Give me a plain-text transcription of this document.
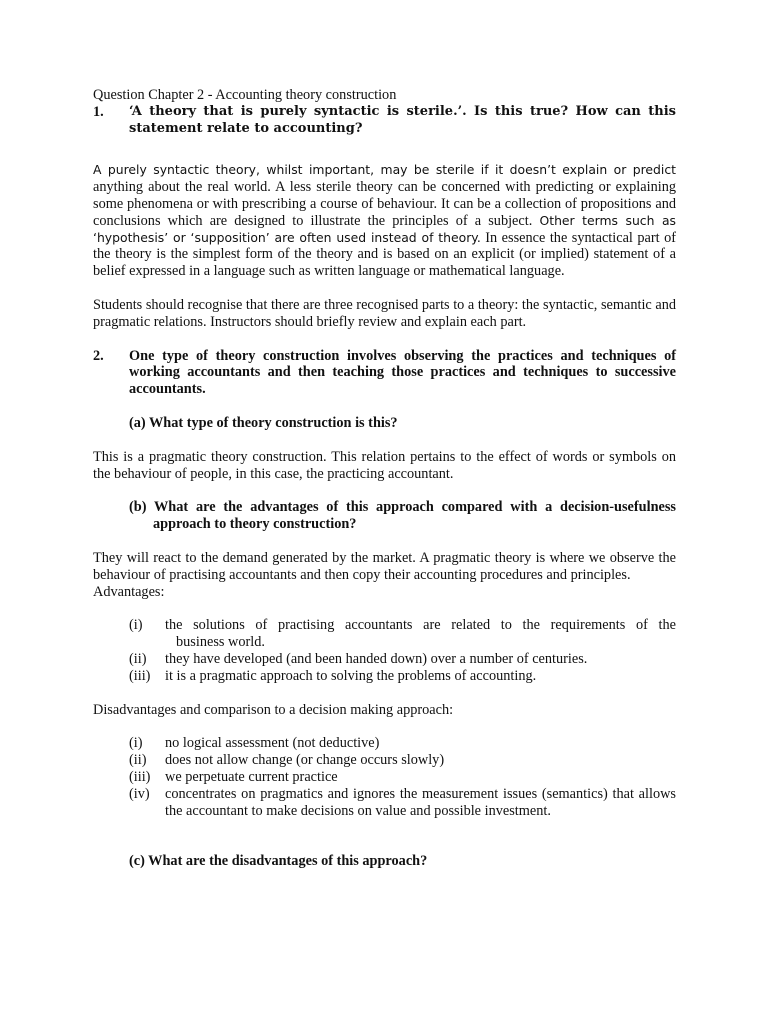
Question Chapter 2 - Accounting theory construction

1.	‘A theory that is purely syntactic is sterile.’. Is this true? How can this statement relate to accounting?

A purely syntactic theory, whilst important, may be sterile if it doesn’t explain or predict
anything about the real world. A less sterile theory can be concerned with predicting or explaining some phenomena or with prescribing a course of behaviour. It can be a collection of propositions and conclusions which are designed to illustrate the principles of a subject. Other terms such as ‘hypothesis’ or ‘supposition’ are often used instead of theory. In essence the syntactical part of the theory is the simplest form of the theory and is based on an explicit (or implied) statement of a belief expressed in a language such as written language or mathematical language.

Students should recognise that there are three recognised parts to a theory: the syntactic, semantic and pragmatic relations. Instructors should briefly review and explain each part.

2.	One type of theory construction involves observing the practices and techniques of working accountants and then teaching those practices and techniques to successive accountants.

(a) What type of theory construction is this?

This is a pragmatic theory construction. This relation pertains to the effect of words or symbols on the behaviour of people, in this case, the practicing accountant.

(b) What are the advantages of this approach compared with a decision-usefulness approach to theory construction?

They will react to the demand generated by the market. A pragmatic theory is where we observe the behaviour of practising accountants and then copy their accounting procedures and principles.

Advantages:

(i)	the solutions of practising accountants are related to the requirements of the
business world.
(ii)	they have developed (and been handed down) over a number of centuries.
(iii)	it is a pragmatic approach to solving the problems of accounting.

Disadvantages and comparison to a decision making approach:

(i)	no logical assessment (not deductive)
(ii)	does not allow change (or change occurs slowly)
(iii)	we perpetuate current practice
(iv)	concentrates on pragmatics and ignores the measurement issues (semantics) that allows the accountant to make decisions on value and possible investment.

(c) What are the disadvantages of this approach?
